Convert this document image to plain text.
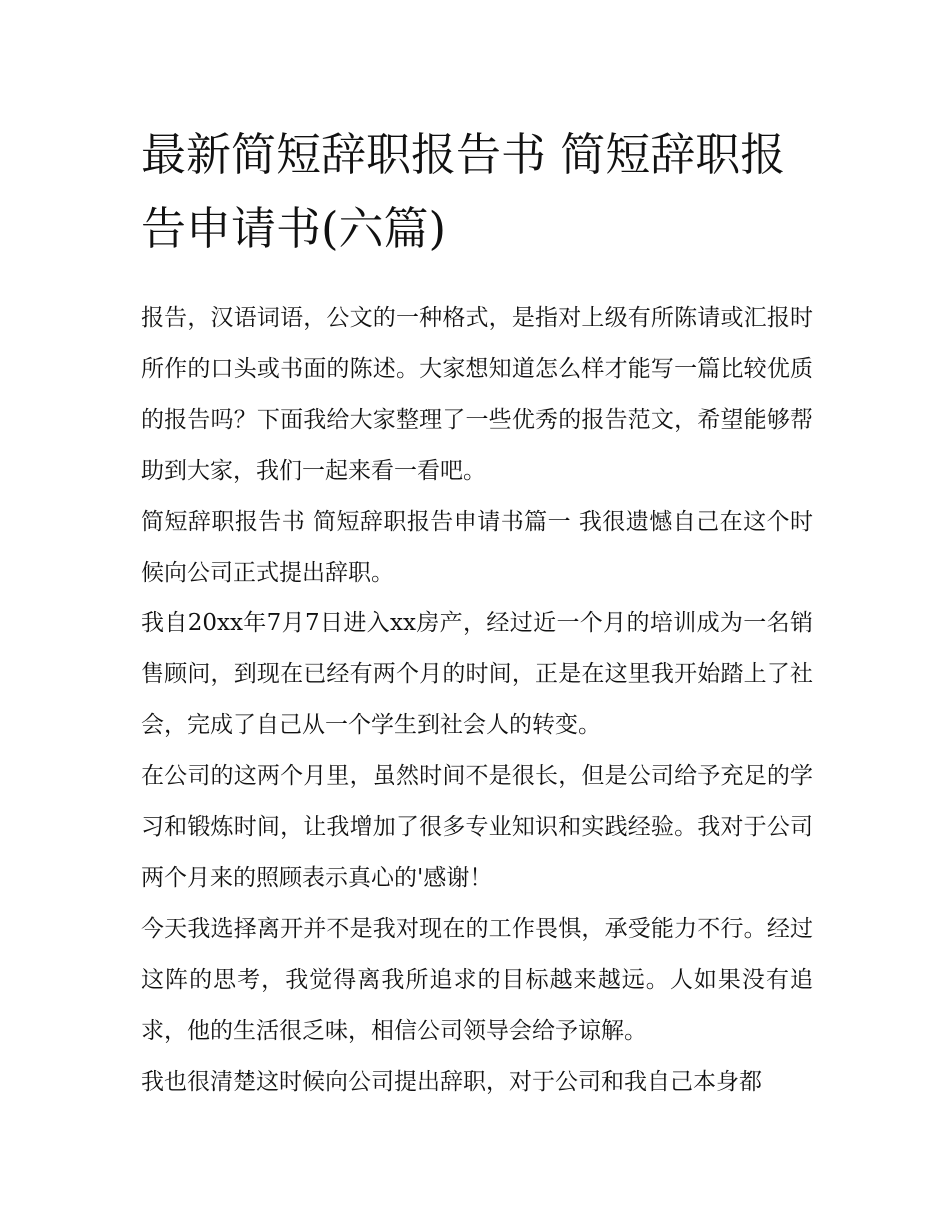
最新简短辞职报告书 简短辞职报告申请书(六篇)

报告，汉语词语，公文的一种格式，是指对上级有所陈请或汇报时所作的口头或书面的陈述。大家想知道怎么样才能写一篇比较优质的报告吗？下面我给大家整理了一些优秀的报告范文，希望能够帮助到大家，我们一起来看一看吧。

简短辞职报告书 简短辞职报告申请书篇一 我很遗憾自己在这个时候向公司正式提出辞职。

我自20xx年7月7日进入xx房产，经过近一个月的培训成为一名销售顾问，到现在已经有两个月的时间，正是在这里我开始踏上了社会，完成了自己从一个学生到社会人的转变。

在公司的这两个月里，虽然时间不是很长，但是公司给予充足的学习和锻炼时间，让我增加了很多专业知识和实践经验。我对于公司两个月来的照顾表示真心的'感谢！

今天我选择离开并不是我对现在的工作畏惧，承受能力不行。经过这阵的思考，我觉得离我所追求的目标越来越远。人如果没有追求，他的生活很乏味，相信公司领导会给予谅解。

我也很清楚这时候向公司提出辞职，对于公司和我自己本身都
